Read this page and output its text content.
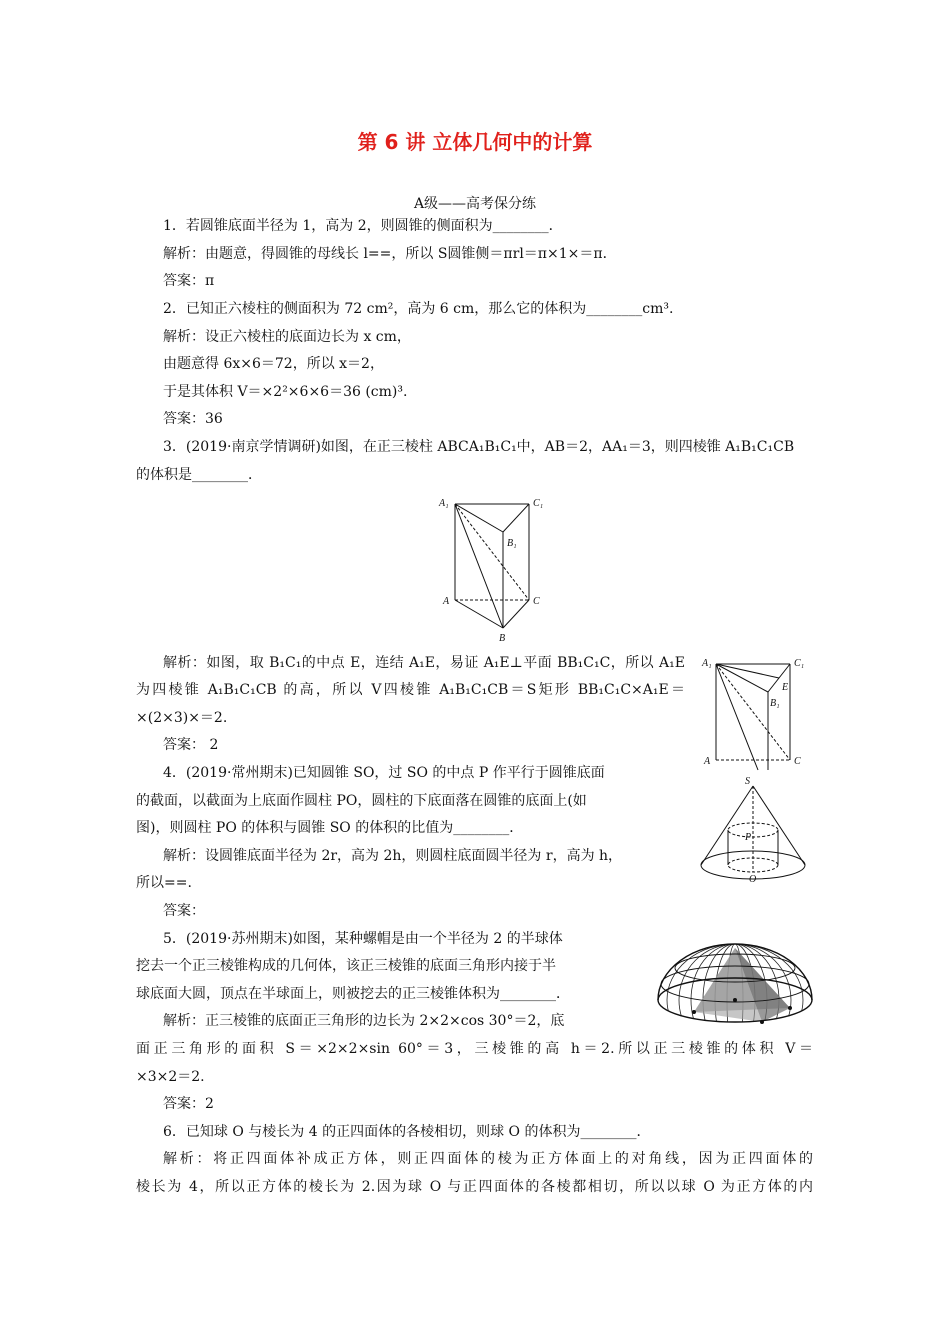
第 6 讲 立体几何中的计算
A级——高考保分练
1．若圆锥底面半径为 1，高为 2，则圆锥的侧面积为________．
解析：由题意，得圆锥的母线长 l==，所以 S圆锥侧＝πrl＝π×1×＝π．
答案：π
2．已知正六棱柱的侧面积为 72 cm²，高为 6 cm，那么它的体积为________cm³.
解析：设正六棱柱的底面边长为 x cm，
由题意得 6x×6＝72，所以 x＝2，
于是其体积 V＝×2²×6×6＝36 (cm)³.
答案：36
3．(2019·南京学情调研)如图，在正三棱柱 ABCA₁B₁C₁中，AB＝2，AA₁＝3，则四棱锥 A₁B₁C₁CB
的体积是________．
A₁	C₁
B₁
A	C
B
解析：如图，取 B₁C₁的中点 E，连结 A₁E，易证 A₁E⊥平面 BB₁C₁C，所以 A₁E
为四棱锥 A₁B₁C₁CB 的高，所以 V四棱锥 A₁B₁C₁CB＝S矩形 BB₁C₁C×A₁E＝
×(2×3)×＝2.
答案： 2
A₁	C₁
E
B₁
A	C
4．(2019·常州期末)已知圆锥 SO，过 SO 的中点 P 作平行于圆锥底面
的截面，以截面为上底面作圆柱 PO，圆柱的下底面落在圆锥的底面上(如
图)，则圆柱 PO 的体积与圆锥 SO 的体积的比值为________．
解析：设圆锥底面半径为 2r，高为 2h，则圆柱底面圆半径为 r，高为 h，
所以==.
答案：
S
P
O
5．(2019·苏州期末)如图，某种螺帽是由一个半径为 2 的半球体
挖去一个正三棱锥构成的几何体，该正三棱锥的底面三角形内接于半
球底面大圆，顶点在半球面上，则被挖去的正三棱锥体积为________．
解析：正三棱锥的底面正三角形的边长为 2×2×cos 30°＝2，底
面正三角形的面积 S＝×2×2×sin 60°＝3，三棱锥的高 h＝2.所以正三棱锥的体积 V＝
×3×2＝2.
答案：2
6．已知球 O 与棱长为 4 的正四面体的各棱相切，则球 O 的体积为________．
解析：将正四面体补成正方体，则正四面体的棱为正方体面上的对角线，因为正四面体的
棱长为 4，所以正方体的棱长为 2.因为球 O 与正四面体的各棱都相切，所以以球 O 为正方体的内
